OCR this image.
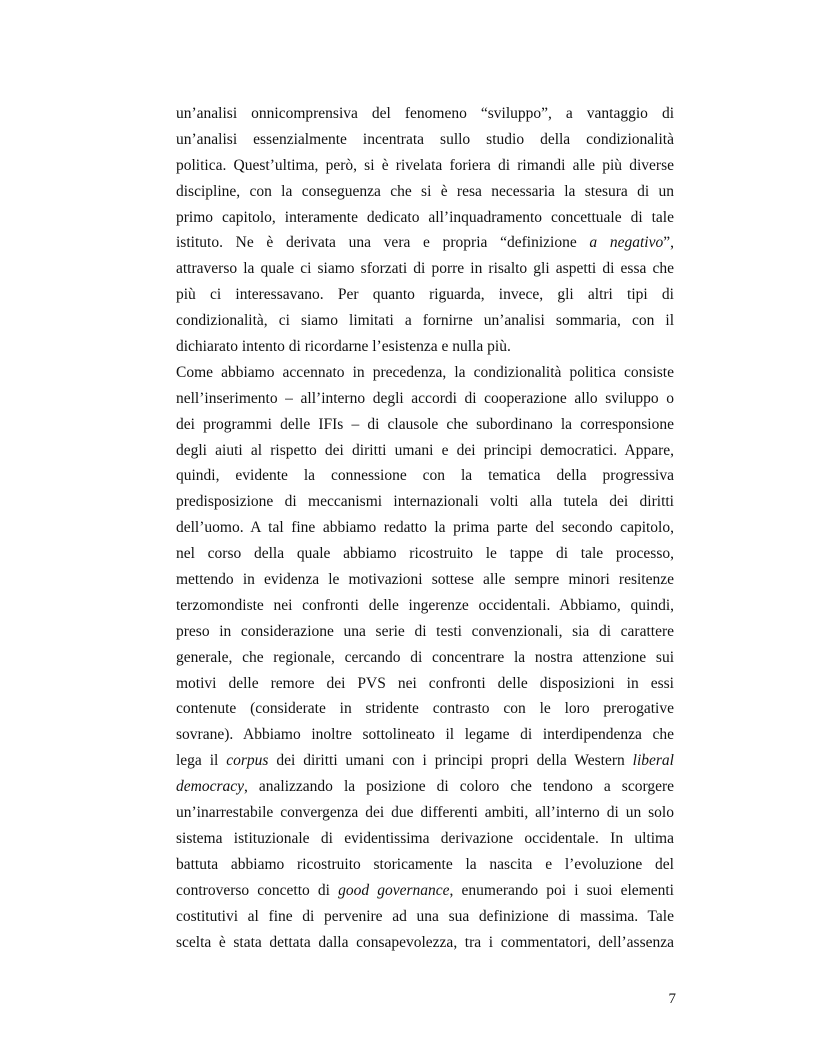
un’analisi onnicomprensiva del fenomeno “sviluppo”, a vantaggio di
un’analisi essenzialmente incentrata sullo studio della condizionalità
politica. Quest’ultima, però, si è rivelata foriera di rimandi alle più diverse
discipline, con la conseguenza che si è resa necessaria la stesura di un
primo capitolo, interamente dedicato all’inquadramento concettuale di tale
istituto. Ne è derivata una vera e propria “definizione a negativo”,
attraverso la quale ci siamo sforzati di porre in risalto gli aspetti di essa che
più ci interessavano. Per quanto riguarda, invece, gli altri tipi di
condizionalità, ci siamo limitati a fornirne un’analisi sommaria, con il
dichiarato intento di ricordarne l’esistenza e nulla più.
Come abbiamo accennato in precedenza, la condizionalità politica consiste
nell’inserimento – all’interno degli accordi di cooperazione allo sviluppo o
dei programmi delle IFIs – di clausole che subordinano la corresponsione
degli aiuti al rispetto dei diritti umani e dei principi democratici. Appare,
quindi, evidente la connessione con la tematica della progressiva
predisposizione di meccanismi internazionali volti alla tutela dei diritti
dell’uomo. A tal fine abbiamo redatto la prima parte del secondo capitolo,
nel corso della quale abbiamo ricostruito le tappe di tale processo,
mettendo in evidenza le motivazioni sottese alle sempre minori resitenze
terzomondiste nei confronti delle ingerenze occidentali. Abbiamo, quindi,
preso in considerazione una serie di testi convenzionali, sia di carattere
generale, che regionale, cercando di concentrare la nostra attenzione sui
motivi delle remore dei PVS nei confronti delle disposizioni in essi
contenute (considerate in stridente contrasto con le loro prerogative
sovrane). Abbiamo inoltre sottolineato il legame di interdipendenza che
lega il corpus dei diritti umani con i principi propri della Western liberal
democracy, analizzando la posizione di coloro che tendono a scorgere
un’inarrestabile convergenza dei due differenti ambiti, all’interno di un solo
sistema istituzionale di evidentissima derivazione occidentale. In ultima
battuta abbiamo ricostruito storicamente la nascita e l’evoluzione del
controverso concetto di good governance, enumerando poi i suoi elementi
costitutivi al fine di pervenire ad una sua definizione di massima. Tale
scelta è stata dettata dalla consapevolezza, tra i commentatori, dell’assenza
7
